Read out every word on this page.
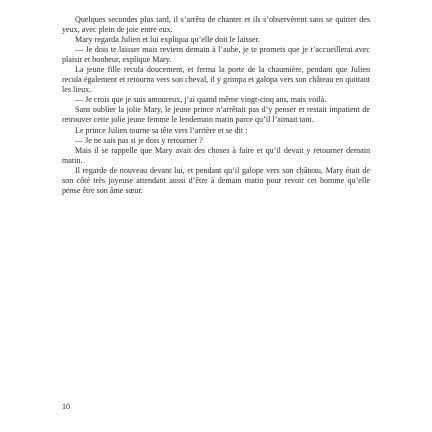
Quelques secondes plus tard, il s’arrêta de chanter et ils s’observèrent sans se quitter des yeux, avec plein de joie entre eux.

Mary regarda Julien et lui expliqua qu’elle doit le laisser.

— Je dois te laisser mais reviens demain à l’aube, je te promets que je t’accueillerai avec plaisir et bonheur, explique Mary.

La jeune fille recula doucement, et ferma la porte de la chaumière, pendant que Julien recula également et retourna vers son cheval, il y grimpa et galopa vers son château en quittant les lieux.

— Je crois que je suis amoureux, j’ai quand même vingt-cinq ans, mais voilà.

Sans oublier la jolie Mary, le jeune prince n’arrêtait pas d’y penser et restait impatient de retrouver cette jolie jeune femme le lendemain matin parce qu’il l’aimait tant.

Le prince Julien tourne sa tête vers l’arrière et se dit :

— Je ne sais pas si je dois y retourner ?

Mais il se rappelle que Mary avait des choses à faire et qu’il devait y retourner demain matin.

Il regarde de nouveau devant lui, et pendant qu’il galope vers son château, Mary était de son côté très joyeuse attendant aussi d’être à demain matin pour revoir cet homme qu’elle pense être son âme sœur.

10
